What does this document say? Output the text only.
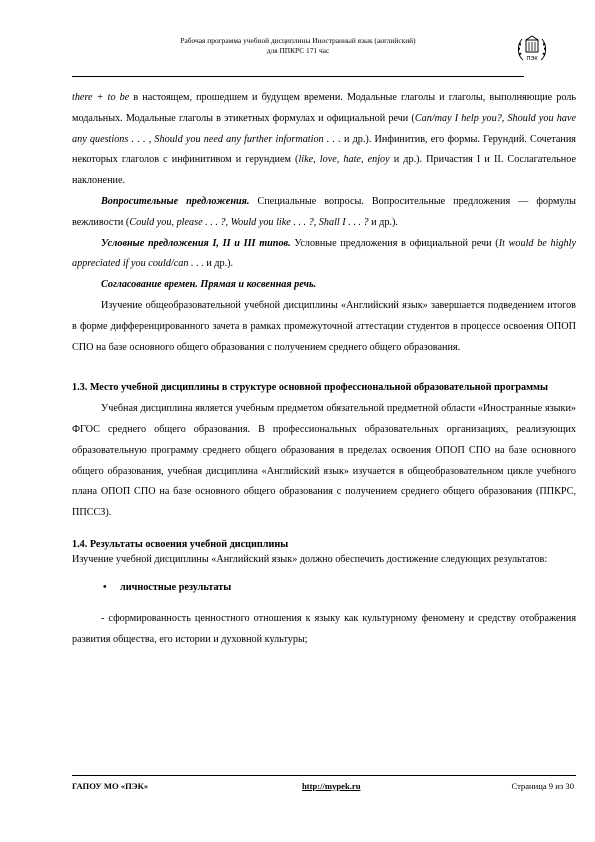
Рабочая программа учебной дисциплины Иностранный язык (английский)
для ППКРС 171 час
ПЭК

there + to be в настоящем, прошедшем и будущем времени. Модальные глаголы и глаголы, выполняющие роль модальных. Модальные глаголы в этикетных формулах и официальной речи (Can/may I help you?, Should you have any questions . . . , Should you need any further information . . . и др.). Инфинитив, его формы. Герундий. Сочетания некоторых глаголов с инфинитивом и герундием (like, love, hate, enjoy и др.). Причастия I и II. Сослагательное наклонение.

Вопросительные предложения. Специальные вопросы. Вопросительные предложения — формулы вежливости (Could you, please . . . ?, Would you like . . . ?, Shall I . . . ? и др.).

Условные предложения I, II и III типов. Условные предложения в официальной речи (It would be highly appreciated if you could/can . . . и др.).

Согласование времен. Прямая и косвенная речь.

Изучение общеобразовательной учебной дисциплины «Английский язык» завершается подведением итогов в форме дифференцированного зачета в рамках промежуточной аттестации студентов в процессе освоения ОПОП СПО на базе основного общего образования с получением среднего общего образования.

1.3. Место учебной дисциплины в структуре основной профессиональной образовательной программы

Учебная дисциплина является учебным предметом обязательной предметной области «Иностранные языки» ФГОС среднего общего образования. В профессиональных образовательных организациях, реализующих образовательную программу среднего общего образования в пределах освоения ОПОП СПО на базе основного общего образования, учебная дисциплина «Английский язык» изучается в общеобразовательном цикле учебного плана ОПОП СПО на базе основного общего образования с получением среднего общего образования (ППКРС, ППССЗ).

1.4. Результаты освоения учебной дисциплины

Изучение учебной дисциплины «Английский язык» должно обеспечить достижение следующих результатов:

• личностные результаты

- сформированность ценностного отношения к языку как культурному феномену и средству отображения развития общества, его истории и духовной культуры;

ГАПОУ МО «ПЭК»	http://mypek.ru	Страница 9 из 30
